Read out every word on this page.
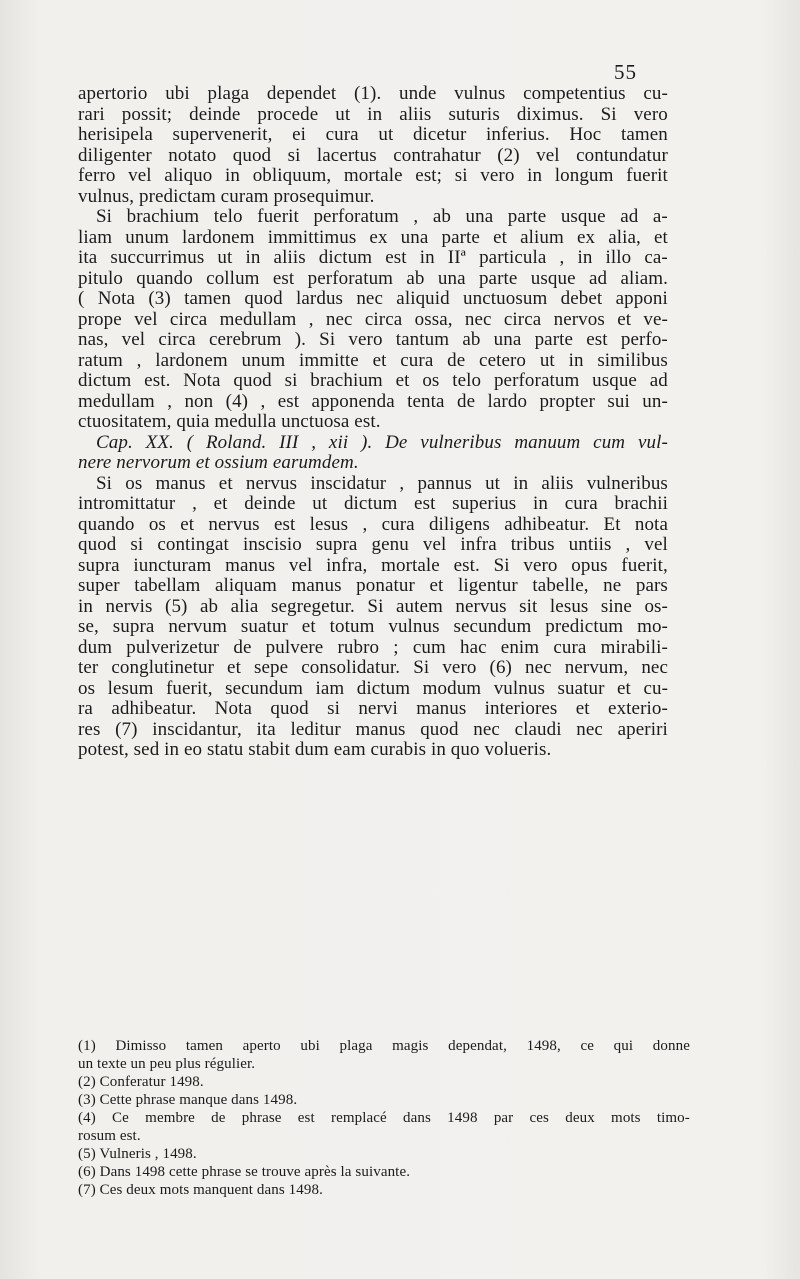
55
apertorio ubi plaga dependet (1). unde vulnus competentius cu-
rari possit; deinde procede ut in aliis suturis diximus. Si vero
herisipela supervenerit, ei cura ut dicetur inferius. Hoc tamen
diligenter notato quod si lacertus contrahatur (2) vel contundatur
ferro vel aliquo in obliquum, mortale est; si vero in longum fuerit
vulnus, predictam curam prosequimur.
Si brachium telo fuerit perforatum , ab una parte usque ad a-
liam unum lardonem immittimus ex una parte et alium ex alia, et
ita succurrimus ut in aliis dictum est in IIª particula , in illo ca-
pitulo quando collum est perforatum ab una parte usque ad aliam.
( Nota (3) tamen quod lardus nec aliquid unctuosum debet apponi
prope vel circa medullam , nec circa ossa, nec circa nervos et ve-
nas, vel circa cerebrum ). Si vero tantum ab una parte est perfo-
ratum , lardonem unum immitte et cura de cetero ut in similibus
dictum est. Nota quod si brachium et os telo perforatum usque ad
medullam , non (4) , est apponenda tenta de lardo propter sui un-
ctuositatem, quia medulla unctuosa est.
Cap. XX. ( Roland. III , xii ). De vulneribus manuum cum vul-
nere nervorum et ossium earumdem.
Si os manus et nervus inscidatur , pannus ut in aliis vulneribus
intromittatur , et deinde ut dictum est superius in cura brachii
quando os et nervus est lesus , cura diligens adhibeatur. Et nota
quod si contingat inscisio supra genu vel infra tribus untiis , vel
supra iuncturam manus vel infra, mortale est. Si vero opus fuerit,
super tabellam aliquam manus ponatur et ligentur tabelle, ne pars
in nervis (5) ab alia segregetur. Si autem nervus sit lesus sine os-
se, supra nervum suatur et totum vulnus secundum predictum mo-
dum pulverizetur de pulvere rubro ; cum hac enim cura mirabili-
ter conglutinetur et sepe consolidatur. Si vero (6) nec nervum, nec
os lesum fuerit, secundum iam dictum modum vulnus suatur et cu-
ra adhibeatur. Nota quod si nervi manus interiores et exterio-
res (7) inscidantur, ita leditur manus quod nec claudi nec aperiri
potest, sed in eo statu stabit dum eam curabis in quo volueris.
(1) Dimisso tamen aperto ubi plaga magis dependat, 1498, ce qui donne
un texte un peu plus régulier.
(2) Conferatur 1498.
(3) Cette phrase manque dans 1498.
(4) Ce membre de phrase est remplacé dans 1498 par ces deux mots timo-
rosum est.
(5) Vulneris , 1498.
(6) Dans 1498 cette phrase se trouve après la suivante.
(7) Ces deux mots manquent dans 1498.
